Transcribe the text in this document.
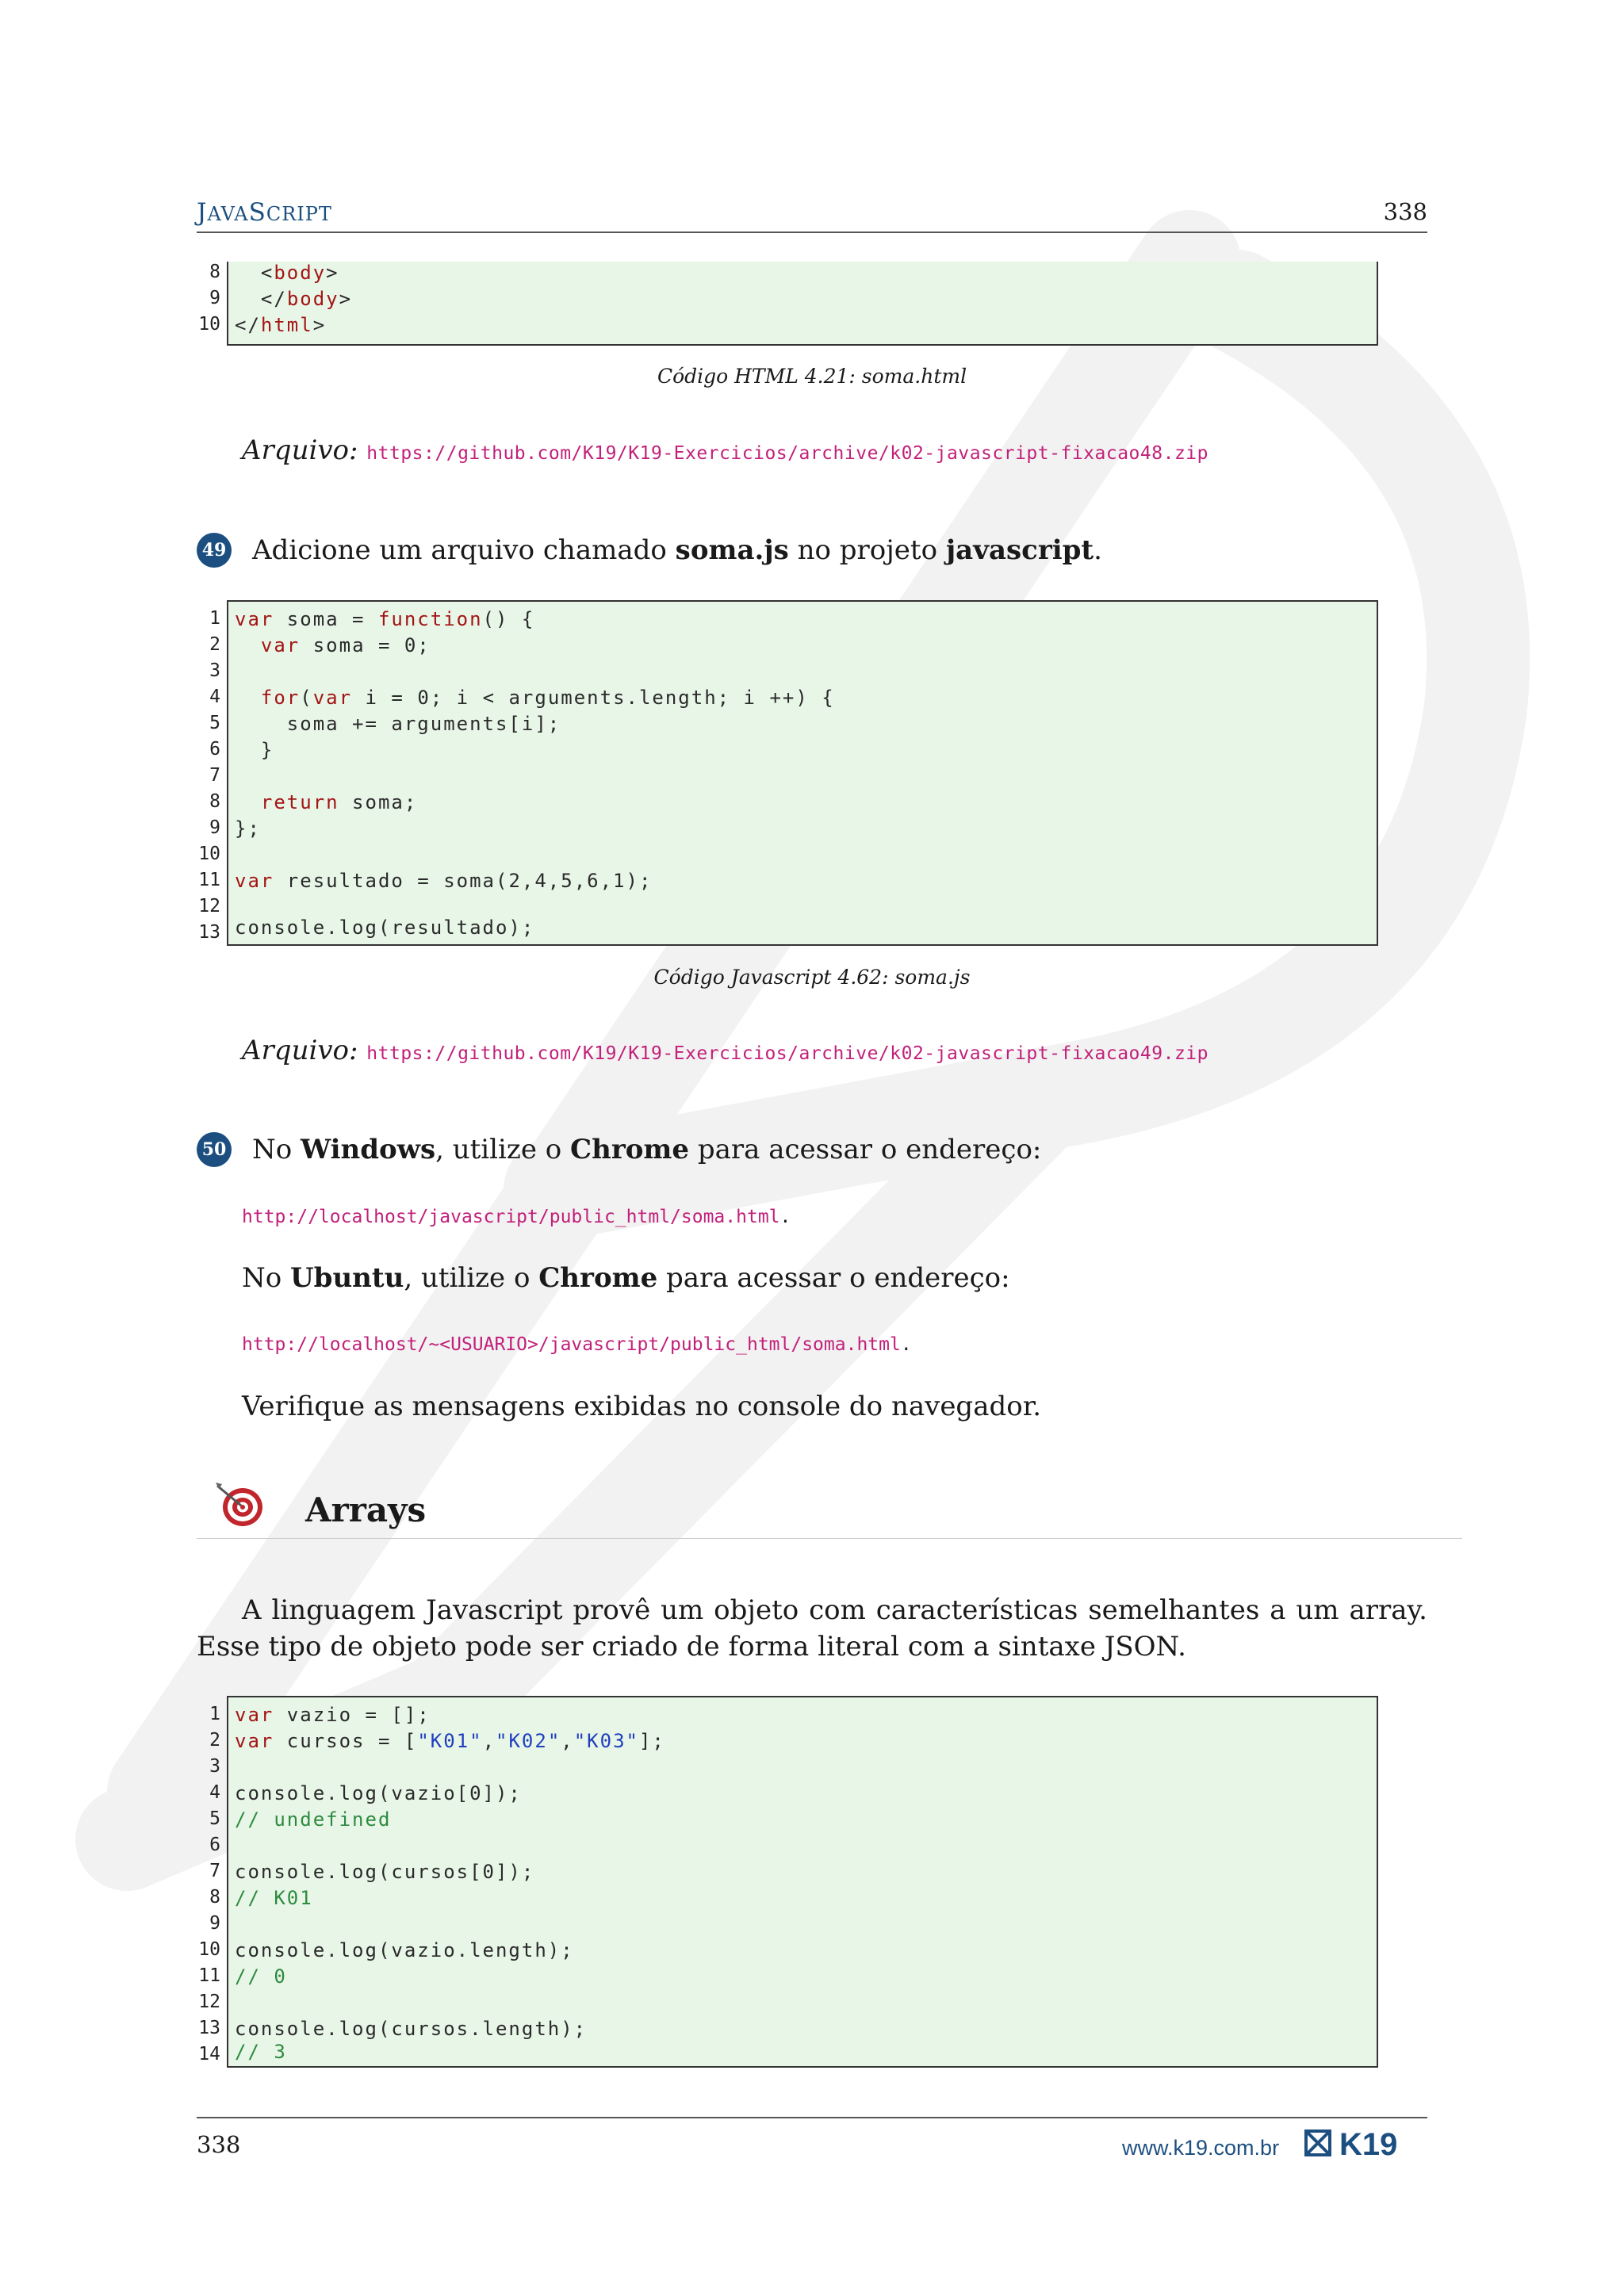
JAVASCRIPT	338
8	<body>
9	</body>
10 </html>
Código HTML 4.21: soma.html
Arquivo: https://github.com/K19/K19-Exercicios/archive/k02-javascript-fixacao48.zip
49 Adicione um arquivo chamado soma.js no projeto javascript.
1 var soma = function() {
2	var soma = 0;
3
4	for(var i = 0; i < arguments.length; i ++) {
5 soma += arguments[i];
6 }
7
8	return soma;
9 };
10
11 var resultado = soma(2,4,5,6,1);
12
13 console.log(resultado);
Código Javascript 4.62: soma.js
Arquivo: https://github.com/K19/K19-Exercicios/archive/k02-javascript-fixacao49.zip
50 No Windows, utilize o Chrome para acessar o endereço:
http://localhost/javascript/public_html/soma.html.
No Ubuntu, utilize o Chrome para acessar o endereço:
http://localhost/~<USUARIO>/javascript/public_html/soma.html.
Verifique as mensagens exibidas no console do navegador.
Arrays
A linguagem Javascript provê um objeto com características semelhantes a um array. Esse tipo de objeto pode ser criado de forma literal com a sintaxe JSON.
1 var vazio = [];
2 var cursos = ["K01","K02","K03"];
3
4 console.log(vazio[0]);
5 // undefined
6
7 console.log(cursos[0]);
8 // K01
9
10 console.log(vazio.length);
11 // 0
12
13 console.log(cursos.length);
14 // 3
338	www.k19.com.br K19
